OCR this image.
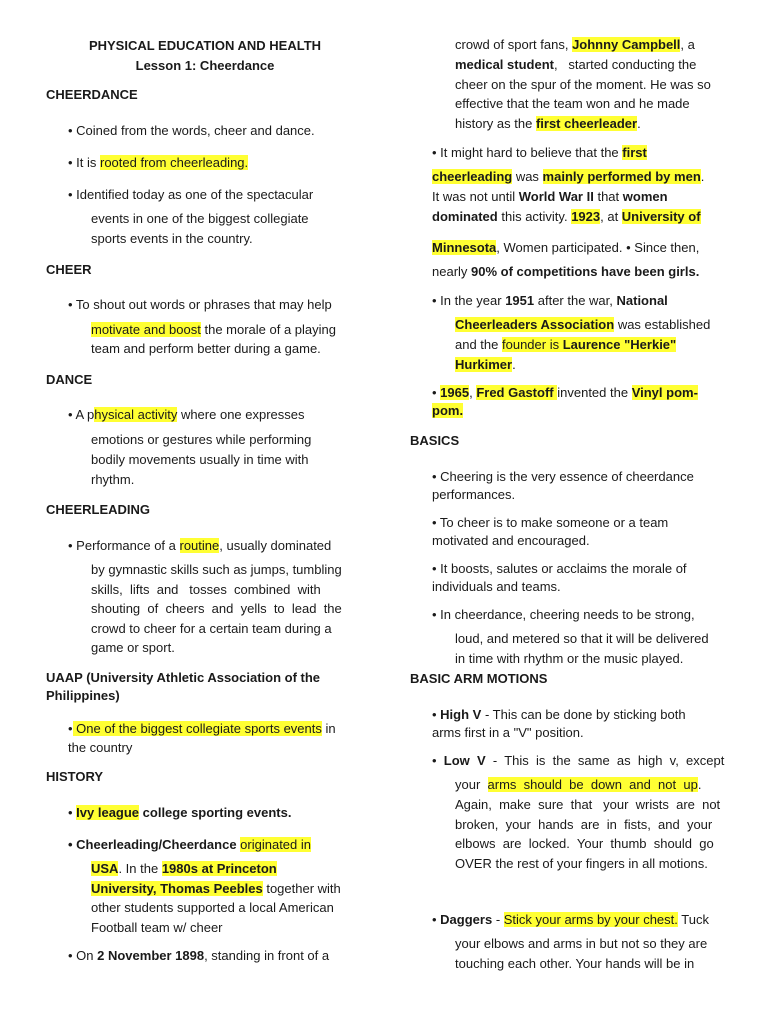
PHYSICAL EDUCATION AND HEALTH
Lesson 1: Cheerdance
CHEERDANCE
• Coined from the words, cheer and dance.
• It is rooted from cheerleading.
• Identified today as one of the spectacular
events in one of the biggest collegiate
sports events in the country.
CHEER
• To shout out words or phrases that may help
motivate and boost the morale of a playing
team and perform better during a game.
DANCE
• A physical activity where one expresses
emotions or gestures while performing
bodily movements usually in time with
rhythm.
CHEERLEADING
• Performance of a routine, usually dominated
by gymnastic skills such as jumps, tumbling
skills,  lifts  and   tosses  combined  with
shouting  of  cheers  and  yells  to  lead  the
crowd to cheer for a certain team during a
game or sport.
UAAP (University Athletic Association of the Philippines)
• One of the biggest collegiate sports events in
the country
HISTORY
• Ivy league college sporting events.
• Cheerleading/Cheerdance originated in
USA. In the 1980s at Princeton
University, Thomas Peebles together with
other students supported a local American
Football team w/ cheer
• On 2 November 1898, standing in front of a
crowd of sport fans, Johnny Campbell, a
medical student,   started conducting the
cheer on the spur of the moment. He was so
effective that the team won and he made
history as the first cheerleader.
• It might hard to believe that the first
cheerleading was mainly performed by men.
It was not until World War II that women
dominated this activity. 1923, at University of
Minnesota, Women participated. • Since then,
nearly 90% of competitions have been girls.
• In the year 1951 after the war, National
Cheerleaders Association was established
and the founder is Laurence "Herkie"
Hurkimer.
• 1965, Fred Gastoff invented the Vinyl pom-
pom.
BASICS
• Cheering is the very essence of cheerdance
performances.
• To cheer is to make someone or a team
motivated and encouraged.
• It boosts, salutes or acclaims the morale of
individuals and teams.
• In cheerdance, cheering needs to be strong,
loud, and metered so that it will be delivered
in time with rhythm or the music played.
BASIC ARM MOTIONS
• High V - This can be done by sticking both
arms first in a "V" position.
•  Low  V  -  This  is  the  same  as  high  v,  except
your  arms  should  be  down  and  not  up.
Again,  make  sure  that   your  wrists  are  not
broken,  your  hands  are  in  fists,  and  your
elbows  are  locked.  Your  thumb  should  go
OVER the rest of your fingers in all motions.
• Daggers - Stick your arms by your chest. Tuck
your elbows and arms in but not so they are
touching each other. Your hands will be in
